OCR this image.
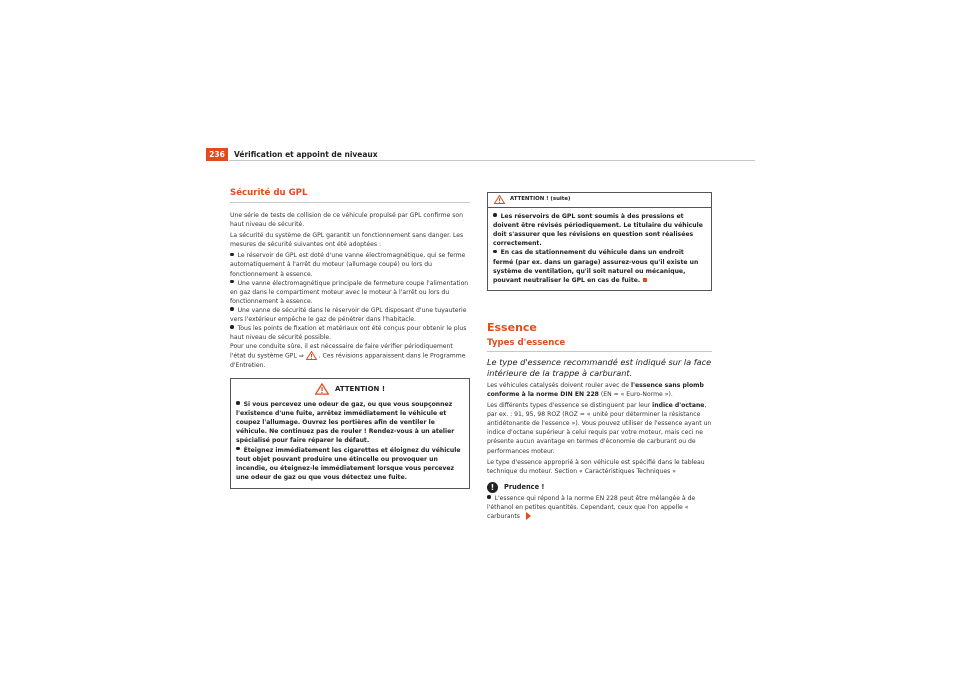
236	Vérification et appoint de niveaux
Sécurité du GPL

Une série de tests de collision de ce véhicule propulsé par GPL confirme son haut niveau de sécurité.

La sécurité du système de GPL garantit un fonctionnement sans danger. Les mesures de sécurité suivantes ont été adoptées :

Le réservoir de GPL est doté d'une vanne électromagnétique, qui se ferme automatiquement à l'arrêt du moteur (allumage coupé) ou lors du fonctionnement à essence.
Une vanne électromagnétique principale de fermeture coupe l'alimentation en gaz dans le compartiment moteur avec le moteur à l'arrêt ou lors du fonctionnement à essence.
Une vanne de sécurité dans le réservoir de GPL disposant d'une tuyauterie vers l'extérieur empêche le gaz de pénétrer dans l'habitacle.
Tous les points de fixation et matériaux ont été conçus pour obtenir le plus haut niveau de sécurité possible.

Pour une conduite sûre, il est nécessaire de faire vérifier périodiquement l'état du système GPL ⇒ . Ces révisions apparaissent dans le Programme d'Entretien.

ATTENTION !
Si vous percevez une odeur de gaz, ou que vous soupçonnez l'existence d'une fuite, arrêtez immédiatement le véhicule et coupez l'allumage. Ouvrez les portières afin de ventiler le véhicule. Ne continuez pas de rouler ! Rendez-vous à un atelier spécialisé pour faire réparer le défaut.
Éteignez immédiatement les cigarettes et éloignez du véhicule tout objet pouvant produire une étincelle ou provoquer un incendie, ou éteignez-le immédiatement lorsque vous percevez une odeur de gaz ou que vous détectez une fuite.
ATTENTION ! (suite)
Les réservoirs de GPL sont soumis à des pressions et doivent être révisés périodiquement. Le titulaire du véhicule doit s'assurer que les révisions en question sont réalisées correctement.
En cas de stationnement du véhicule dans un endroit fermé (par ex. dans un garage) assurez-vous qu'il existe un système de ventilation, qu'il soit naturel ou mécanique, pouvant neutraliser le GPL en cas de fuite.
Essence
Types d'essence

Le type d'essence recommandé est indiqué sur la face intérieure de la trappe à carburant.

Les véhicules catalysés doivent rouler avec de l'essence sans plomb conforme à la norme DIN EN 228 (EN = « Euro-Norme »).

Les différents types d'essence se distinguent par leur indice d'octane, par ex. : 91, 95, 98 ROZ (ROZ = « unité pour déterminer la résistance antidétonante de l'essence »). Vous pouvez utiliser de l'essence ayant un indice d'octane supérieur à celui requis par votre moteur, mais ceci ne présente aucun avantage en termes d'économie de carburant ou de performances moteur.

Le type d'essence approprié à son véhicule est spécifié dans le tableau technique du moteur. Section « Caractéristiques Techniques »

!	Prudence !
L'essence qui répond à la norme EN 228 peut être mélangée à de l'éthanol en petites quantités. Cependant, ceux que l'on appelle « carburants
